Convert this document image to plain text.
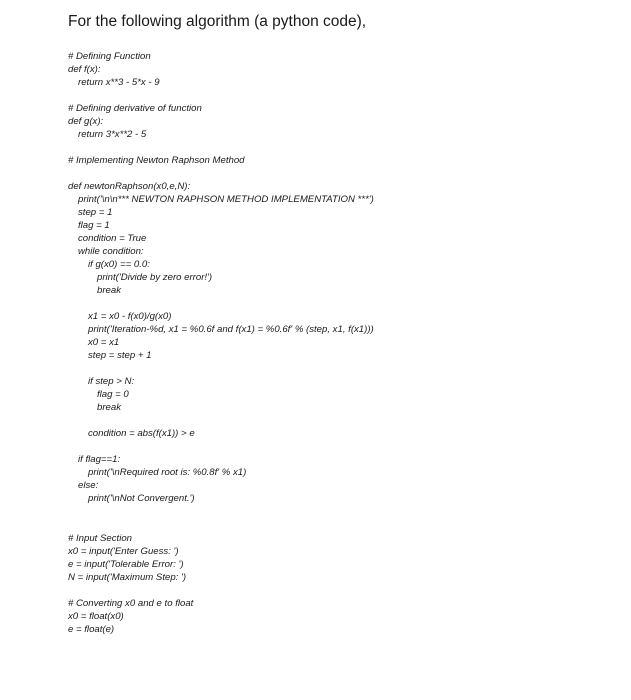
For the following algorithm (a python code),
# Defining Function
def f(x):
return x**3 - 5*x - 9
# Defining derivative of function
def g(x):
return 3*x**2 - 5
# Implementing Newton Raphson Method
def newtonRaphson(x0,e,N):
print('\n\n*** NEWTON RAPHSON METHOD IMPLEMENTATION ***')
step = 1
flag = 1
condition = True
while condition:
if g(x0) == 0.0:
print('Divide by zero error!')
break
x1 = x0 - f(x0)/g(x0)
print('Iteration-%d, x1 = %0.6f and f(x1) = %0.6f' % (step, x1, f(x1)))
x0 = x1
step = step + 1
if step > N:
flag = 0
break
condition = abs(f(x1)) > e
if flag==1:
print('\nRequired root is: %0.8f' % x1)
else:
print('\nNot Convergent.')
# Input Section
x0 = input('Enter Guess: ')
e = input('Tolerable Error: ')
N = input('Maximum Step: ')
# Converting x0 and e to float
x0 = float(x0)
e = float(e)
